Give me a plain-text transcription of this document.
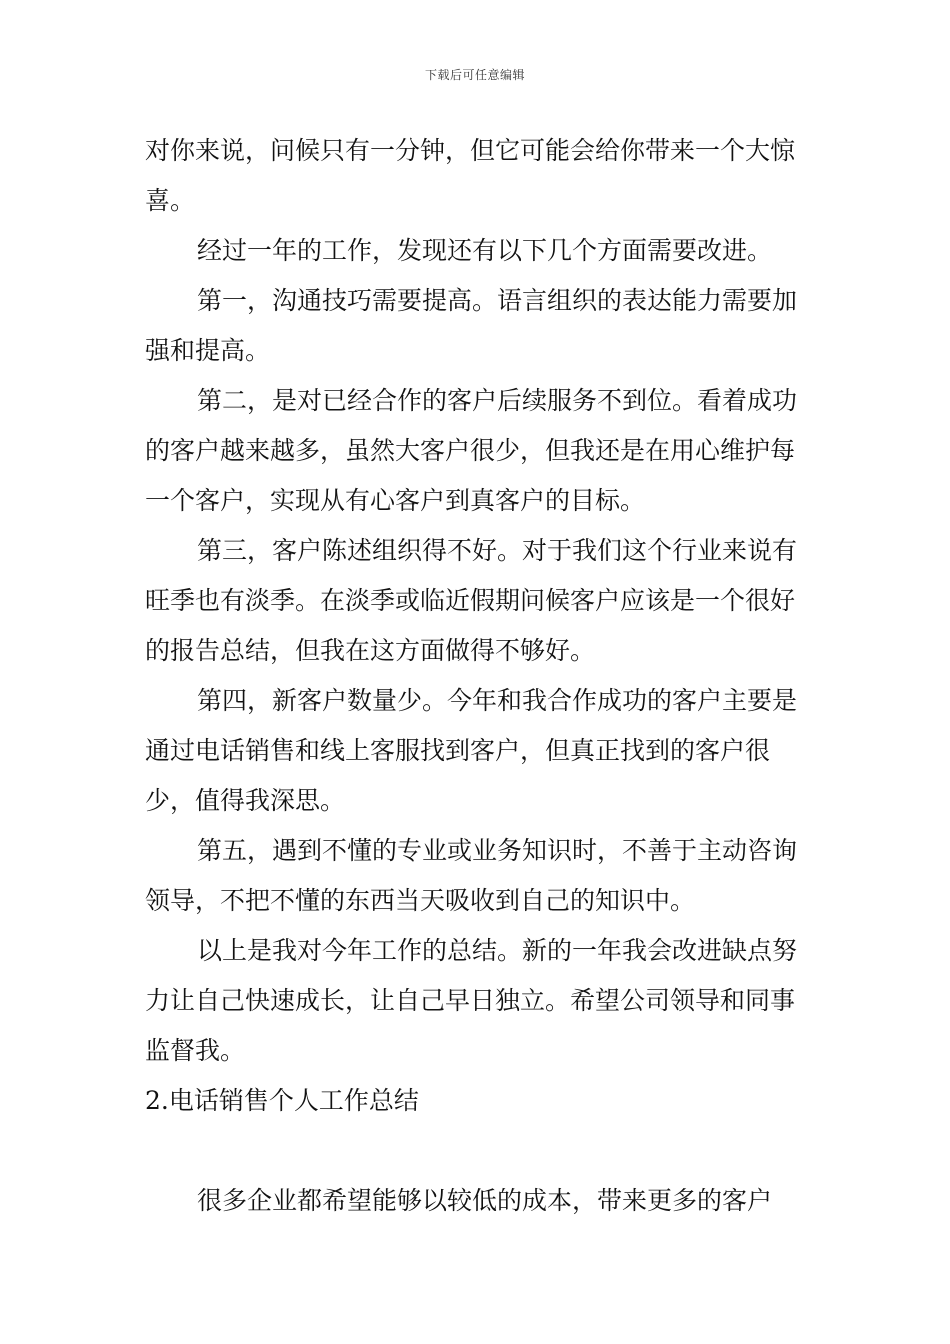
下载后可任意编辑

对你来说，问候只有一分钟，但它可能会给你带来一个大惊喜。

经过一年的工作，发现还有以下几个方面需要改进。

第一，沟通技巧需要提高。语言组织的表达能力需要加强和提高。

第二，是对已经合作的客户后续服务不到位。看着成功的客户越来越多，虽然大客户很少，但我还是在用心维护每一个客户，实现从有心客户到真客户的目标。

第三，客户陈述组织得不好。对于我们这个行业来说有旺季也有淡季。在淡季或临近假期问候客户应该是一个很好的报告总结，但我在这方面做得不够好。

第四，新客户数量少。今年和我合作成功的客户主要是通过电话销售和线上客服找到客户，但真正找到的客户很少，值得我深思。

第五，遇到不懂的专业或业务知识时，不善于主动咨询领导，不把不懂的东西当天吸收到自己的知识中。

以上是我对今年工作的总结。新的一年我会改进缺点努力让自己快速成长，让自己早日独立。希望公司领导和同事监督我。

2.电话销售个人工作总结

很多企业都希望能够以较低的成本，带来更多的客户
